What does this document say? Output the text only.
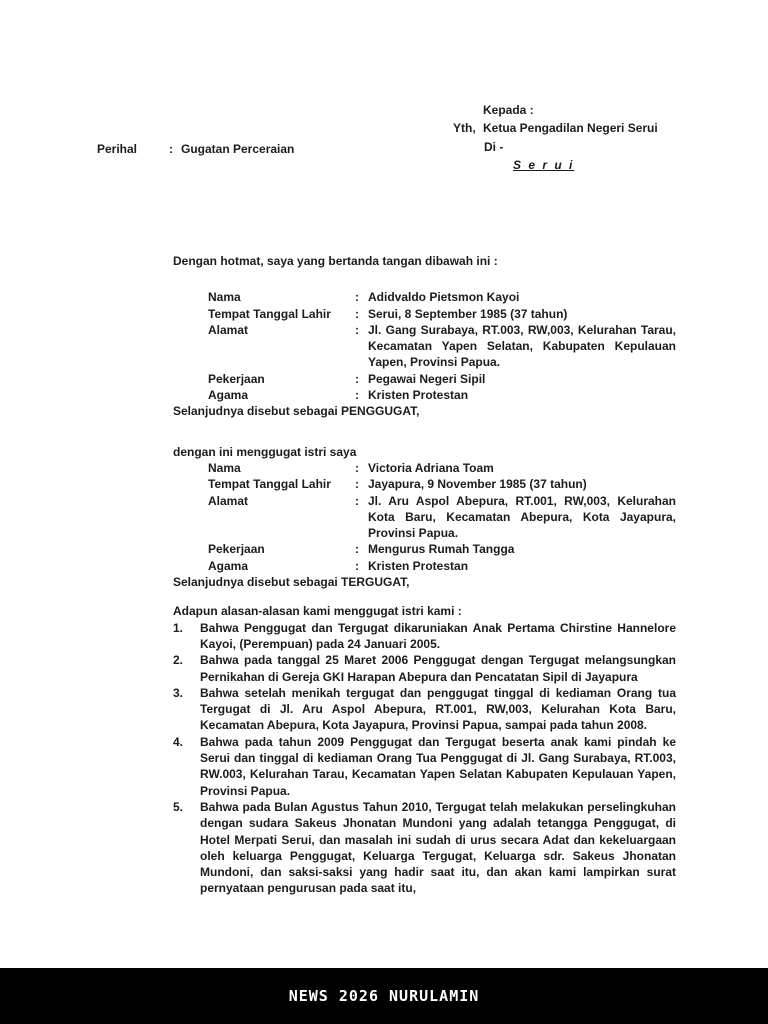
Kepada :
Yth, Ketua Pengadilan Negeri Serui
Di -
S e r u i
Perihal	: Gugatan Perceraian
Dengan hotmat, saya yang bertanda tangan dibawah ini :
Nama	: Adidvaldo Pietsmon Kayoi
Tempat Tanggal Lahir	: Serui, 8 September 1985 (37 tahun)
Alamat	: Jl. Gang Surabaya, RT.003, RW,003, Kelurahan Tarau, Kecamatan Yapen Selatan, Kabupaten Kepulauan Yapen, Provinsi Papua.
Pekerjaan	: Pegawai Negeri Sipil
Agama	: Kristen Protestan
Selanjudnya disebut sebagai PENGGUGAT,
dengan ini menggugat istri saya
Nama	: Victoria Adriana Toam
Tempat Tanggal Lahir	: Jayapura, 9 November 1985 (37 tahun)
Alamat	: Jl. Aru Aspol Abepura, RT.001, RW,003, Kelurahan Kota Baru, Kecamatan Abepura, Kota Jayapura, Provinsi Papua.
Pekerjaan	: Mengurus Rumah Tangga
Agama	: Kristen Protestan
Selanjudnya disebut sebagai TERGUGAT,
Adapun alasan-alasan kami menggugat istri kami :
1.	Bahwa Penggugat dan Tergugat dikaruniakan Anak Pertama Chirstine Hannelore Kayoi, (Perempuan) pada 24 Januari 2005.
2.	Bahwa pada tanggal 25 Maret 2006 Penggugat dengan Tergugat melangsungkan Pernikahan di Gereja GKI Harapan Abepura dan Pencatatan Sipil di Jayapura
3.	Bahwa setelah menikah tergugat dan penggugat tinggal di kediaman Orang tua Tergugat di Jl. Aru Aspol Abepura, RT.001, RW,003, Kelurahan Kota Baru, Kecamatan Abepura, Kota Jayapura, Provinsi Papua, sampai pada tahun 2008.
4.	Bahwa pada tahun 2009 Penggugat dan Tergugat beserta anak kami pindah ke Serui dan tinggal di kediaman Orang Tua Penggugat di Jl. Gang Surabaya, RT.003, RW.003, Kelurahan Tarau, Kecamatan Yapen Selatan Kabupaten Kepulauan Yapen, Provinsi Papua.
5.	Bahwa pada Bulan Agustus Tahun 2010, Tergugat telah melakukan perselingkuhan dengan sudara Sakeus Jhonatan Mundoni yang adalah tetangga Penggugat, di Hotel Merpati Serui, dan masalah ini sudah di urus secara Adat dan kekeluargaan oleh keluarga Penggugat, Keluarga Tergugat, Keluarga sdr. Sakeus Jhonatan Mundoni, dan saksi-saksi yang hadir saat itu, dan akan kami lampirkan surat pernyataan pengurusan pada saat itu,
NEWS 2026 NURULAMIN
